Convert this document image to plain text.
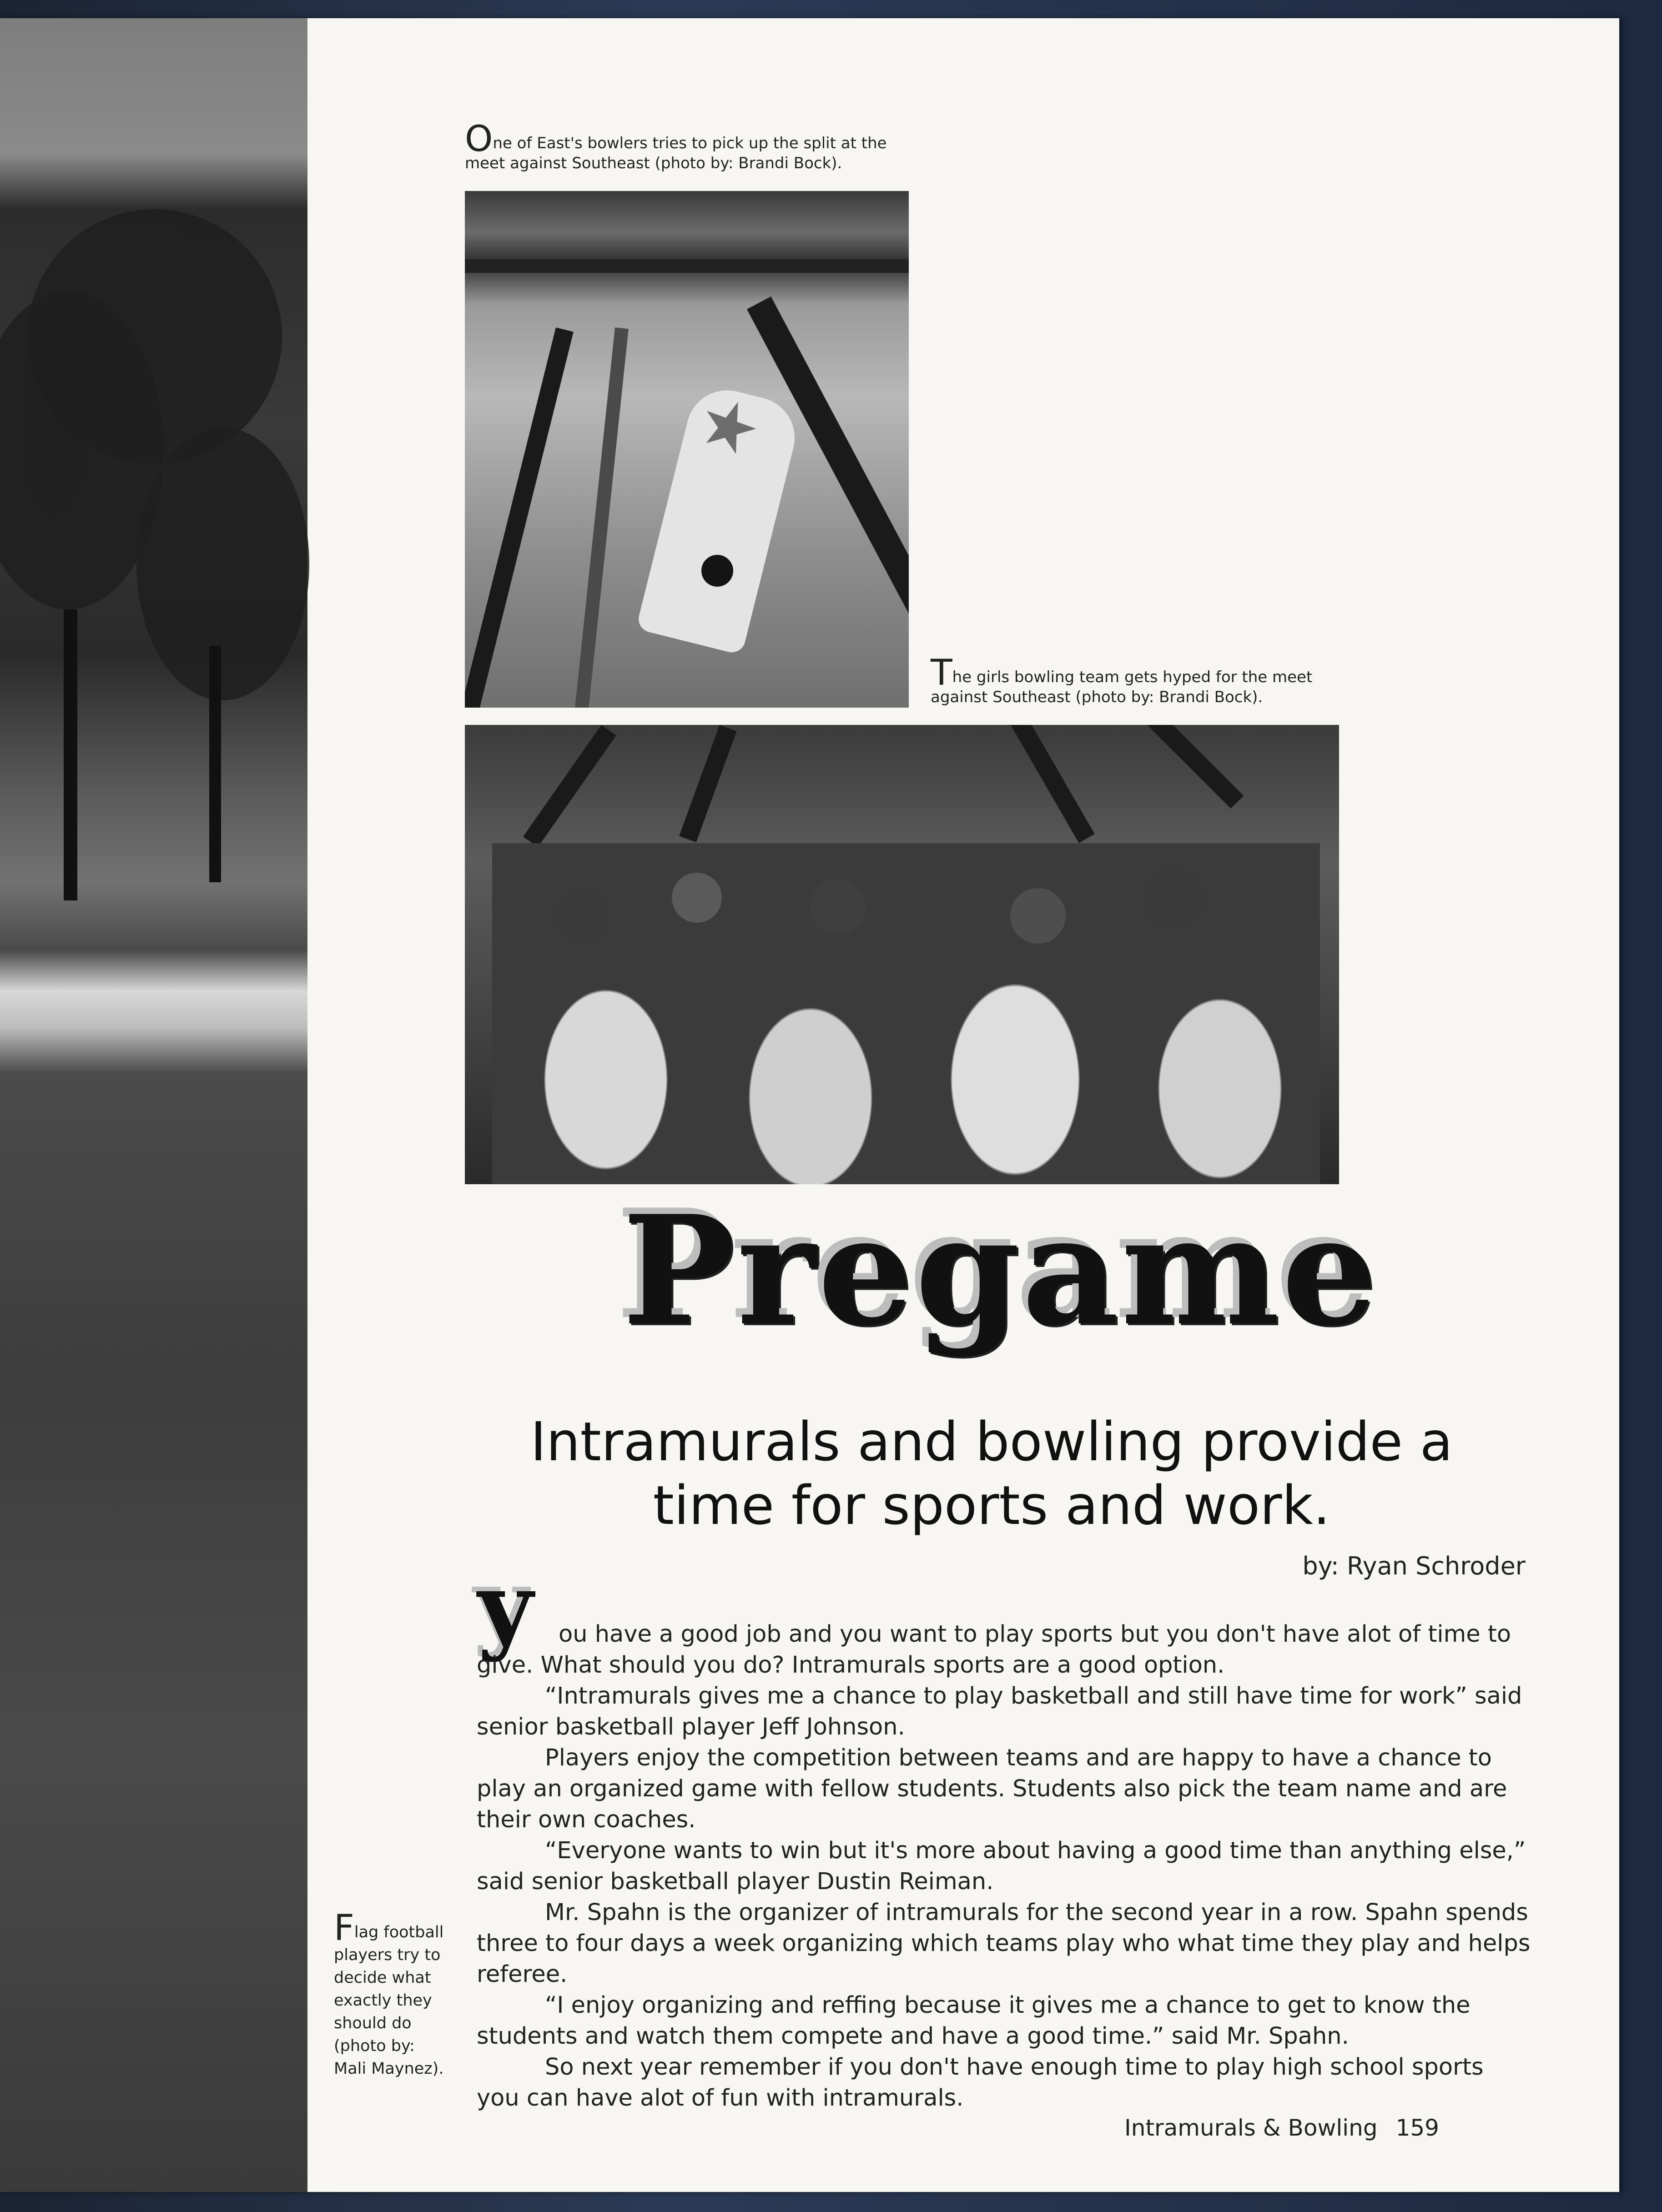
One of East's bowlers tries to pick up the split at the meet against Southeast (photo by: Brandi Bock).
The girls bowling team gets hyped for the meet against Southeast (photo by: Brandi Bock).
Pregame
Intramurals and bowling provide a time for sports and work.
by: Ryan Schroder
y	ou have a good job and you want to play sports but you don't have alot of time to give. What should you do? Intramurals sports are a good option.

“Intramurals gives me a chance to play basketball and still have time for work” said senior basketball player Jeff Johnson.

Players enjoy the competition between teams and are happy to have a chance to play an organized game with fellow students. Students also pick the team name and are their own coaches.

“Everyone wants to win but it's more about having a good time than anything else,” said senior basketball player Dustin Reiman.

Mr. Spahn is the organizer of intramurals for the second year in a row. Spahn spends three to four days a week organizing which teams play who what time they play and helps referee.

“I enjoy organizing and reffing because it gives me a chance to get to know the students and watch them compete and have a good time.” said Mr. Spahn.

So next year remember if you don't have enough time to play high school sports you can have alot of fun with intramurals.

Flag football players try to decide what exactly they should do (photo by: Mali Maynez).
Intramurals & Bowling 159
